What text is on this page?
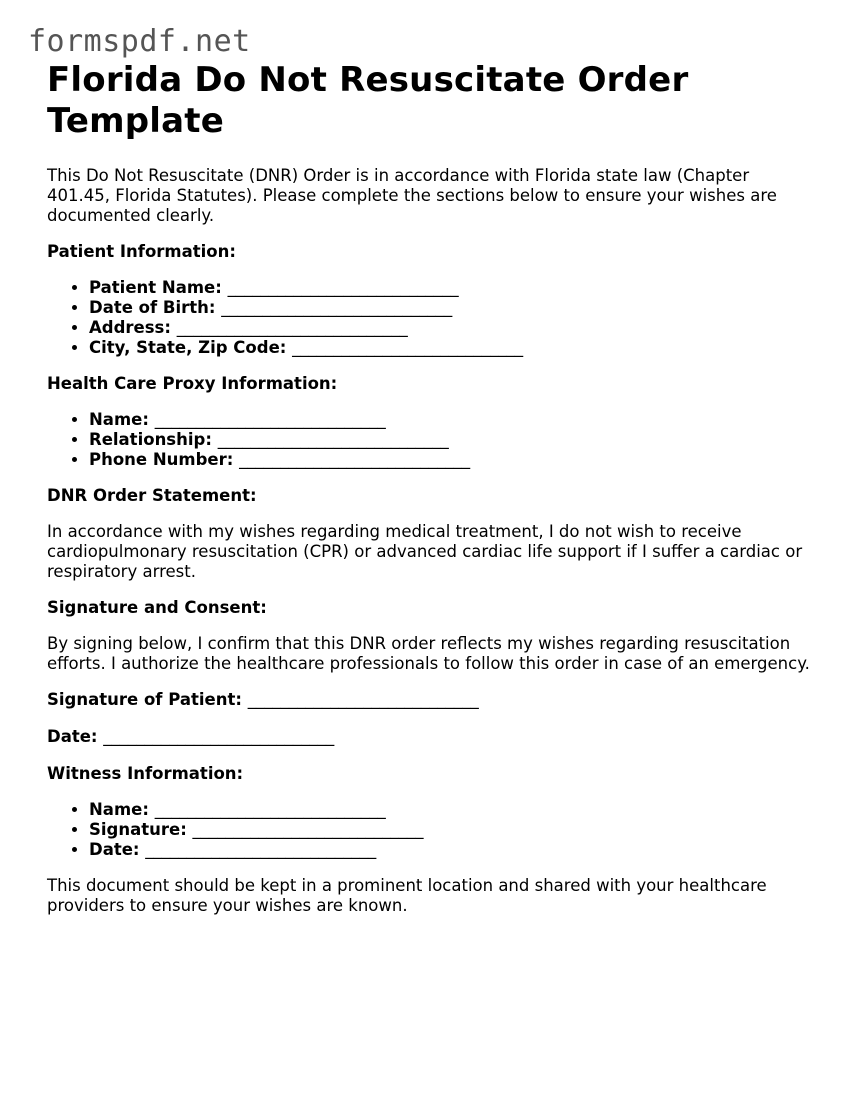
formspdf.net
Florida Do Not Resuscitate Order Template

This Do Not Resuscitate (DNR) Order is in accordance with Florida state law (Chapter 401.45, Florida Statutes). Please complete the sections below to ensure your wishes are documented clearly.

Patient Information:
• Patient Name: ____________________________
• Date of Birth: ____________________________
• Address: ____________________________
• City, State, Zip Code: ____________________________
Health Care Proxy Information:
• Name: ____________________________
• Relationship: ____________________________
• Phone Number: ____________________________
DNR Order Statement:

In accordance with my wishes regarding medical treatment, I do not wish to receive cardiopulmonary resuscitation (CPR) or advanced cardiac life support if I suffer a cardiac or respiratory arrest.

Signature and Consent:

By signing below, I confirm that this DNR order reflects my wishes regarding resuscitation efforts. I authorize the healthcare professionals to follow this order in case of an emergency.

Signature of Patient:
____________________________
Date:
____________________________
Witness Information:
• Name: ____________________________
• Signature: ____________________________
• Date: ____________________________

This document should be kept in a prominent location and shared with your healthcare providers to ensure your wishes are known.
